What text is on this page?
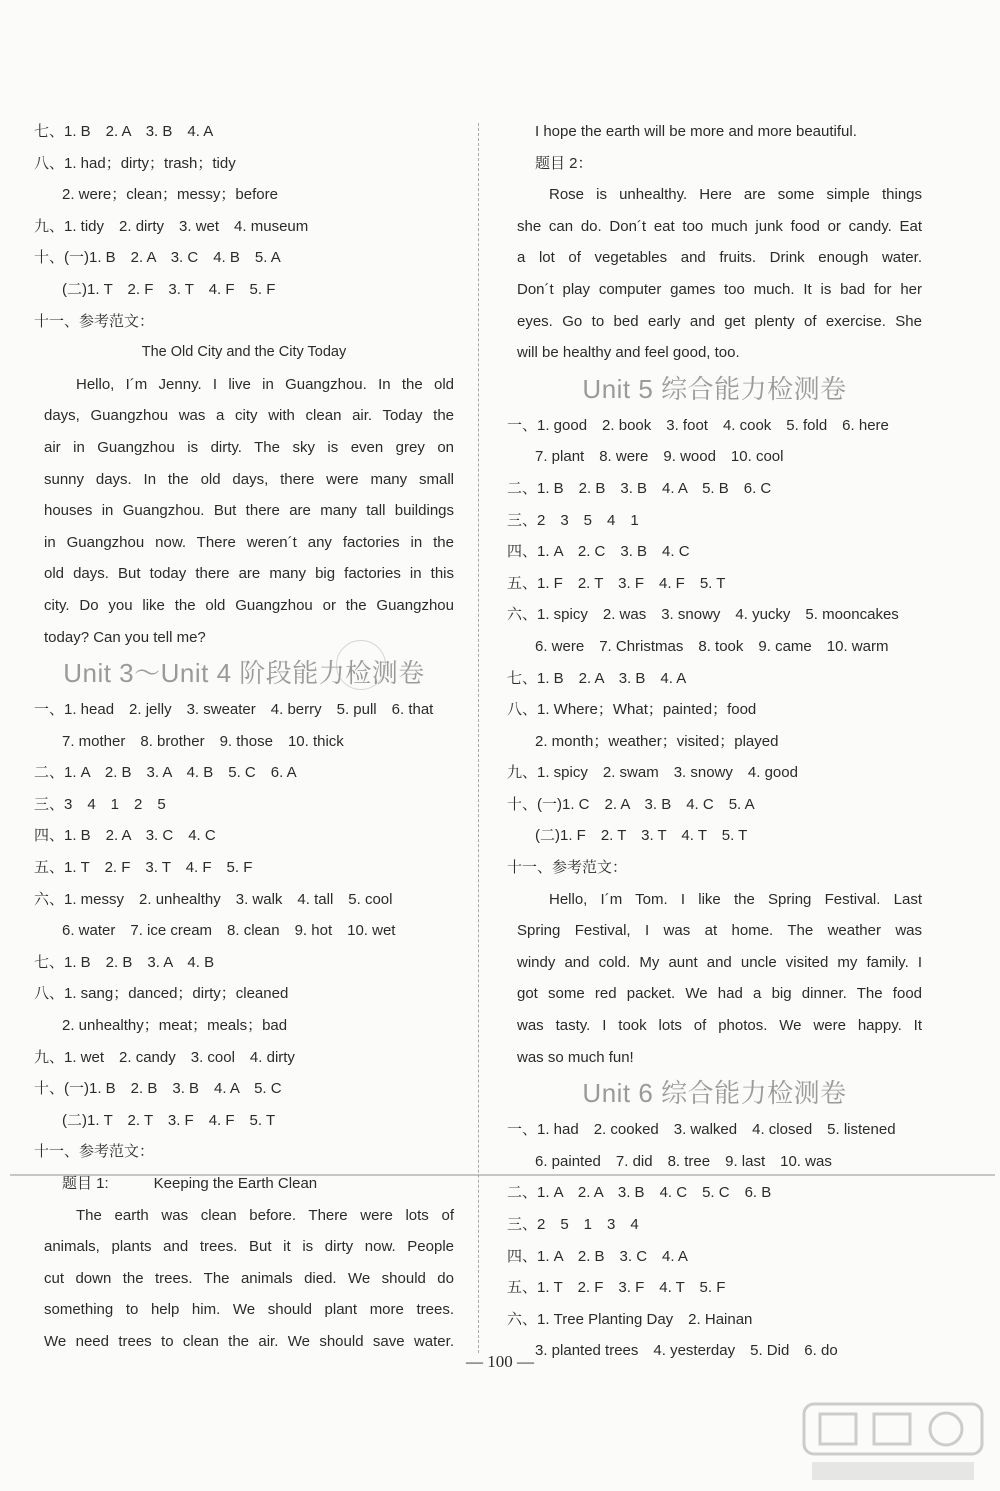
七、1. B　2. A　3. B　4. A
八、1. had；dirty；trash；tidy
2. were；clean；messy；before
九、1. tidy　2. dirty　3. wet　4. museum
十、(一)1. B　2. A　3. C　4. B　5. A
(二)1. T　2. F　3. T　4. F　5. F
十一、参考范文：
The Old City and the City Today
Hello, I´m Jenny. I live in Guangzhou. In the old
days, Guangzhou was a city with clean air. Today the
air in Guangzhou is dirty. The sky is even grey on
sunny days. In the old days, there were many small
houses in Guangzhou. But there are many tall buildings
in Guangzhou now. There weren´t any factories in the
old days. But today there are many big factories in this
city. Do you like the old Guangzhou or the Guangzhou
today? Can you tell me?
Unit 3～Unit 4 阶段能力检测卷
一、1. head　2. jelly　3. sweater　4. berry　5. pull　6. that
7. mother　8. brother　9. those　10. thick
二、1. A　2. B　3. A　4. B　5. C　6. A
三、3　4　1　2　5
四、1. B　2. A　3. C　4. C
五、1. T　2. F　3. T　4. F　5. F
六、1. messy　2. unhealthy　3. walk　4. tall　5. cool
6. water　7. ice cream　8. clean　9. hot　10. wet
七、1. B　2. B　3. A　4. B
八、1. sang；danced；dirty；cleaned
2. unhealthy；meat；meals；bad
九、1. wet　2. candy　3. cool　4. dirty
十、(一)1. B　2. B　3. B　4. A　5. C
(二)1. T　2. T　3. F　4. F　5. T
十一、参考范文：
题目 1:　　　Keeping the Earth Clean
The earth was clean before. There were lots of
animals, plants and trees. But it is dirty now. People
cut down the trees. The animals died. We should do
something to help him. We should plant more trees.
We need trees to clean the air. We should save water.
I hope the earth will be more and more beautiful.
题目 2：
Rose is unhealthy. Here are some simple things
she can do. Don´t eat too much junk food or candy. Eat
a lot of vegetables and fruits. Drink enough water.
Don´t play computer games too much. It is bad for her
eyes. Go to bed early and get plenty of exercise. She
will be healthy and feel good, too.
Unit 5 综合能力检测卷
一、1. good　2. book　3. foot　4. cook　5. fold　6. here
7. plant　8. were　9. wood　10. cool
二、1. B　2. B　3. B　4. A　5. B　6. C
三、2　3　5　4　1
四、1. A　2. C　3. B　4. C
五、1. F　2. T　3. F　4. F　5. T
六、1. spicy　2. was　3. snowy　4. yucky　5. mooncakes
6. were　7. Christmas　8. took　9. came　10. warm
七、1. B　2. A　3. B　4. A
八、1. Where；What；painted；food
2. month；weather；visited；played
九、1. spicy　2. swam　3. snowy　4. good
十、(一)1. C　2. A　3. B　4. C　5. A
(二)1. F　2. T　3. T　4. T　5. T
十一、参考范文：
Hello, I´m Tom. I like the Spring Festival. Last
Spring Festival, I was at home. The weather was
windy and cold. My aunt and uncle visited my family. I
got some red packet. We had a big dinner. The food
was tasty. I took lots of photos. We were happy. It
was so much fun!
Unit 6 综合能力检测卷
一、1. had　2. cooked　3. walked　4. closed　5. listened
6. painted　7. did　8. tree　9. last　10. was
二、1. A　2. A　3. B　4. C　5. C　6. B
三、2　5　1　3　4
四、1. A　2. B　3. C　4. A
五、1. T　2. F　3. F　4. T　5. F
六、1. Tree Planting Day　2. Hainan
3. planted trees　4. yesterday　5. Did　6. do
— 100 —
